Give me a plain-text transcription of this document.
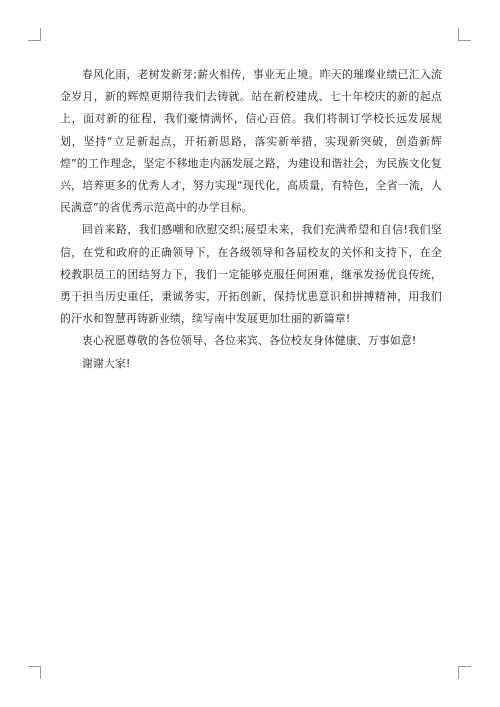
春风化雨，老树发新芽;薪火相传，事业无止境。昨天的璀璨业绩已汇入流金岁月，新的辉煌更期待我们去铸就。站在新校建成、七十年校庆的新的起点上，面对新的征程，我们豪情满怀，信心百倍。我们将制订学校长远发展规划，坚持“立足新起点，开拓新思路，落实新举措，实现新突破，创造新辉煌”的工作理念，坚定不移地走内涵发展之路，为建设和谐社会，为民族文化复兴，培养更多的优秀人才，努力实现“现代化，高质量，有特色，全省一流，人民满意”的省优秀示范高中的办学目标。

回首来路，我们感嘲和欣慰交织;展望未来，我们充满希望和自信!我们坚信，在党和政府的正确领导下，在各级领导和各届校友的关怀和支持下，在全校教职员工的团结努力下，我们一定能够克服任何困难，继承发扬优良传统，勇于担当历史重任，秉诚务实，开拓创新，保持忧患意识和拼搏精神，用我们的汗水和智慧再铸新业绩，续写南中发展更加壮丽的新篇章!

衷心祝愿尊敬的各位领导、各位来宾、各位校友身体健康、万事如意!

谢谢大家!
